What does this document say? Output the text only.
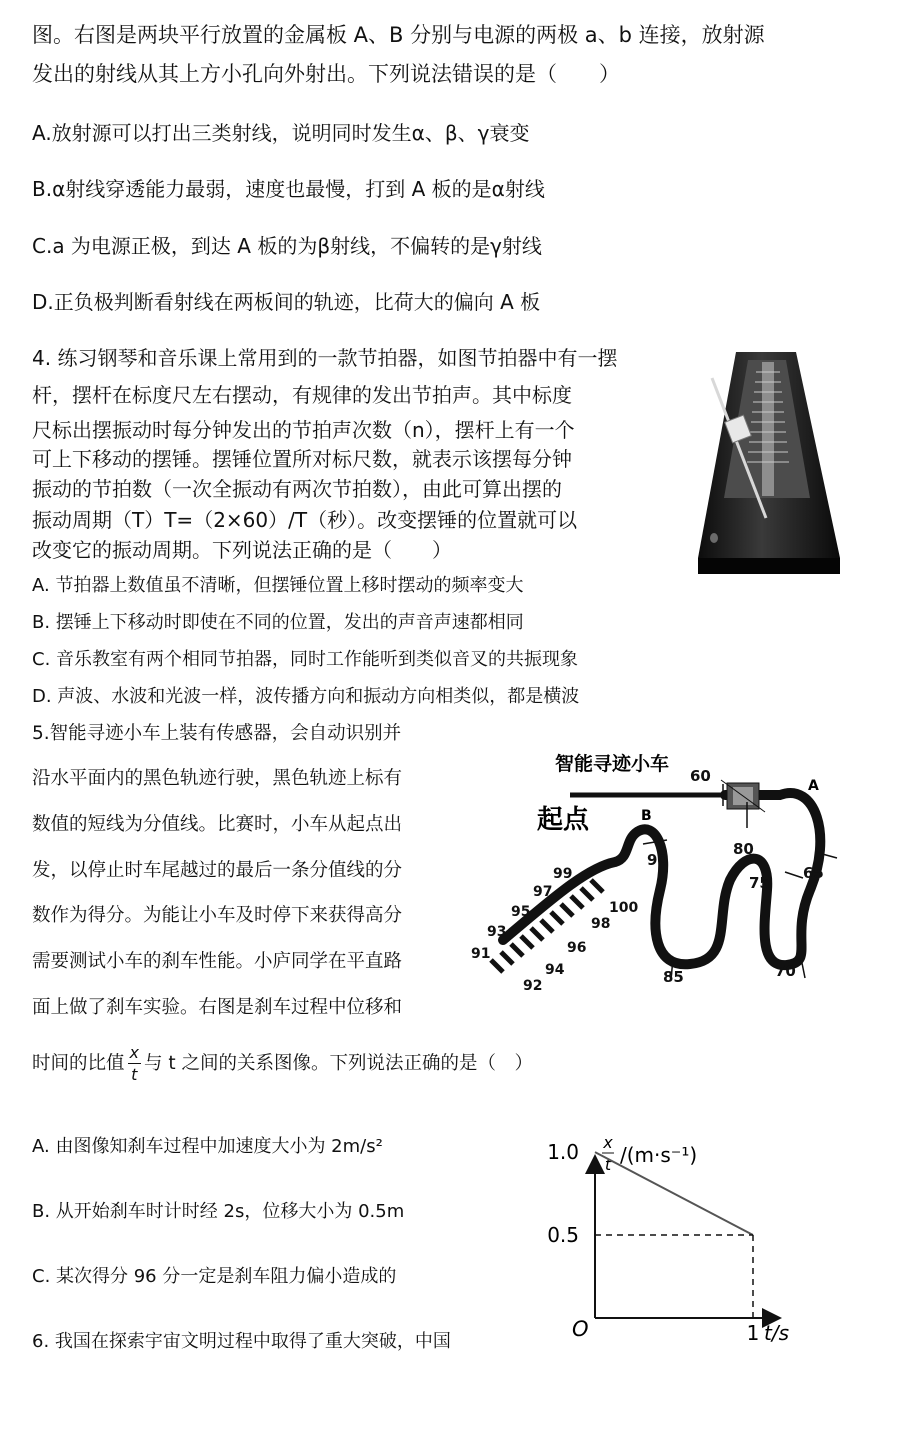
图。右图是两块平行放置的金属板 A、B 分别与电源的两极 a、b 连接，放射源
发出的射线从其上方小孔向外射出。下列说法错误的是（　　）
A.放射源可以打出三类射线，说明同时发生α、β、γ衰变
B.α射线穿透能力最弱，速度也最慢，打到 A 板的是α射线
C.a 为电源正极，到达 A 板的为β射线，不偏转的是γ射线
D.正负极判断看射线在两板间的轨迹，比荷大的偏向 A 板
4. 练习钢琴和音乐课上常用到的一款节拍器，如图节拍器中有一摆
杆，摆杆在标度尺左右摆动，有规律的发出节拍声。其中标度
尺标出摆振动时每分钟发出的节拍声次数（n），摆杆上有一个
可上下移动的摆锤。摆锤位置所对标尺数，就表示该摆每分钟
振动的节拍数（一次全振动有两次节拍数），由此可算出摆的
振动周期（T）T=（2×60）/T（秒）。改变摆锤的位置就可以
改变它的振动周期。下列说法正确的是（　　）
A. 节拍器上数值虽不清晰，但摆锤位置上移时摆动的频率变大
B. 摆锤上下移动时即使在不同的位置，发出的声音声速都相同
C. 音乐教室有两个相同节拍器，同时工作能听到类似音叉的共振现象
D. 声波、水波和光波一样，波传播方向和振动方向相类似，都是横波
5.智能寻迹小车上装有传感器，会自动识别并
沿水平面内的黑色轨迹行驶，黑色轨迹上标有
数值的短线为分值线。比赛时，小车从起点出
发，以停止时车尾越过的最后一条分值线的分
数作为得分。为能让小车及时停下来获得高分
需要测试小车的刹车性能。小庐同学在平直路
面上做了刹车实验。右图是刹车过程中位移和
时间的比值 $\frac{x}{t}$ 与 t 之间的关系图像。下列说法正确的是（　）
A. 由图像知刹车过程中加速度大小为 2m/s²
B. 从开始刹车时计时经 2s，位移大小为 0.5m
C. 某次得分 96 分一定是刹车阻力偏小造成的
6. 我国在探索宇宙文明过程中取得了重大突破，中国
智能寻迹小车
起点
60
80
65
75
70
85
90
100
99
98
97
96
95
94
93
92
91
A
B
x
t /(m·s⁻¹)
t/s
O
1.0
0.5
1
